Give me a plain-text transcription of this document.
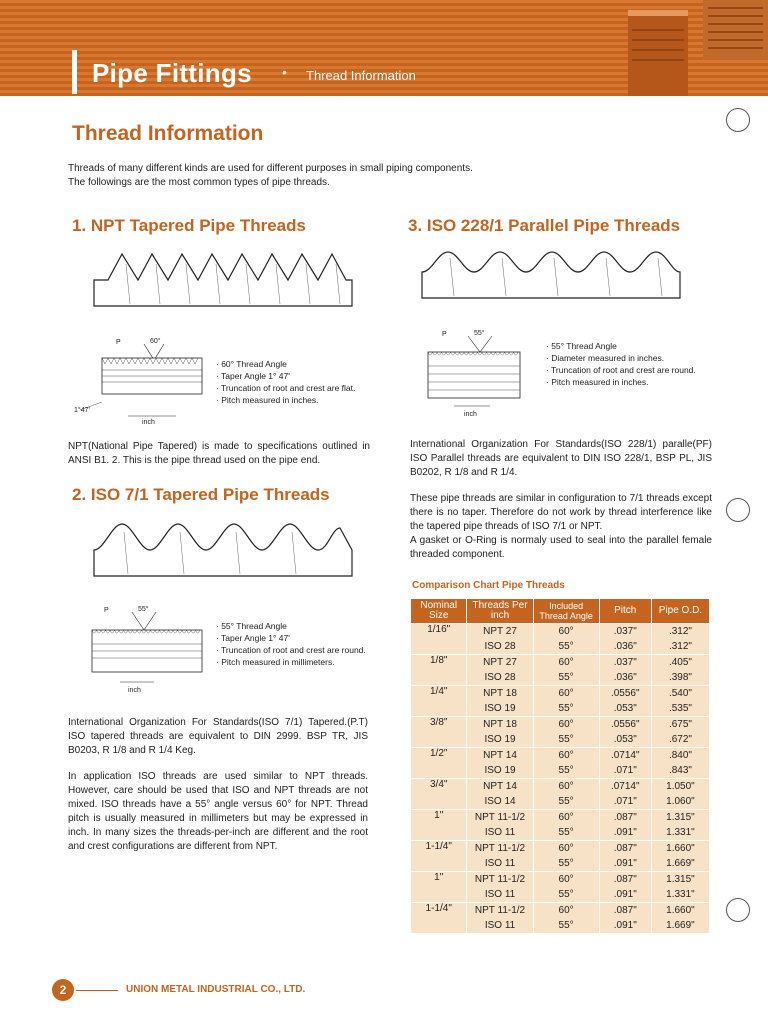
Pipe Fittings • Thread Information
Thread Information
Threads of many different kinds are used for different purposes in small piping components.
The followings are the most common types of pipe threads.
1. NPT Tapered Pipe Threads
P	60°
1°47'
inch
· 60° Thread Angle
· Taper Angle 1° 47'
· Truncation of root and crest are flat.
· Pitch measured in inches.

NPT(National Pipe Tapered) is made to specifications outlined in ANSI B1. 2. This is the pipe thread used on the pipe end.

2. ISO 7/1 Tapered Pipe Threads
P	55°
inch
· 55° Thread Angle
· Taper Angle 1° 47'
· Truncation of root and crest are round.
· Pitch measured in millimeters.

International Organization For Standards(ISO 7/1) Tapered.(P.T) ISO tapered threads are equivalent to DIN 2999. BSP TR, JIS B0203, R 1/8 and R 1/4 Keg.

In application ISO threads are used similar to NPT threads. However, care should be used that ISO and NPT threads are not mixed. ISO threads have a 55° angle versus 60° for NPT. Thread pitch is usually measured in millimeters but may be expressed in inch. In many sizes the threads-per-inch are different and the root and crest configurations are different from NPT.

3. ISO 228/1 Parallel Pipe Threads
P	55°
inch
· 55° Thread Angle
· Diameter measured in inches.
· Truncation of root and crest are round.
· Pitch measured in inches.

International Organization For Standards(ISO 228/1) paralle(PF) ISO Parallel threads are equivalent to DIN ISO 228/1, BSP PL, JIS B0202, R 1/8 and R 1/4.

These pipe threads are similar in configuration to 7/1 threads except there is no taper. Therefore do not work by thread interference like the tapered pipe threads of ISO 7/1 or NPT.

A gasket or O-Ring is normaly used to seal into the parallel female threaded component.

Comparison Chart Pipe Threads
Nominal Size	Threads Per inch	Included Thread Angle	Pitch	Pipe O.D.
1/16"	NPT 27	60°	.037"	.312"
	ISO 28	55°	.036"	.312"
1/8"	NPT 27	60°	.037"	.405"
	ISO 28	55°	.036"	.398"
1/4"	NPT 18	60°	.0556"	.540"
	ISO 19	55°	.053"	.535"
3/8"	NPT 18	60°	.0556"	.675"
	ISO 19	55°	.053"	.672"
1/2"	NPT 14	60°	.0714"	.840"
	ISO 19	55°	.071"	.843"
3/4"	NPT 14	60°	.0714"	1.050"
	ISO 14	55°	.071"	1.060"
1"	NPT 11-1/2	60°	.087"	1.315"
	ISO 11	55°	.091"	1.331"
1-1/4"	NPT 11-1/2	60°	.087"	1.660"
	ISO 11	55°	.091"	1.669"
1"	NPT 11-1/2	60°	.087"	1.315"
	ISO 11	55°	.091"	1.331"
1-1/4"	NPT 11-1/2	60°	.087"	1.660"
	ISO 11	55°	.091"	1.669"
2	UNION METAL INDUSTRIAL CO., LTD.
